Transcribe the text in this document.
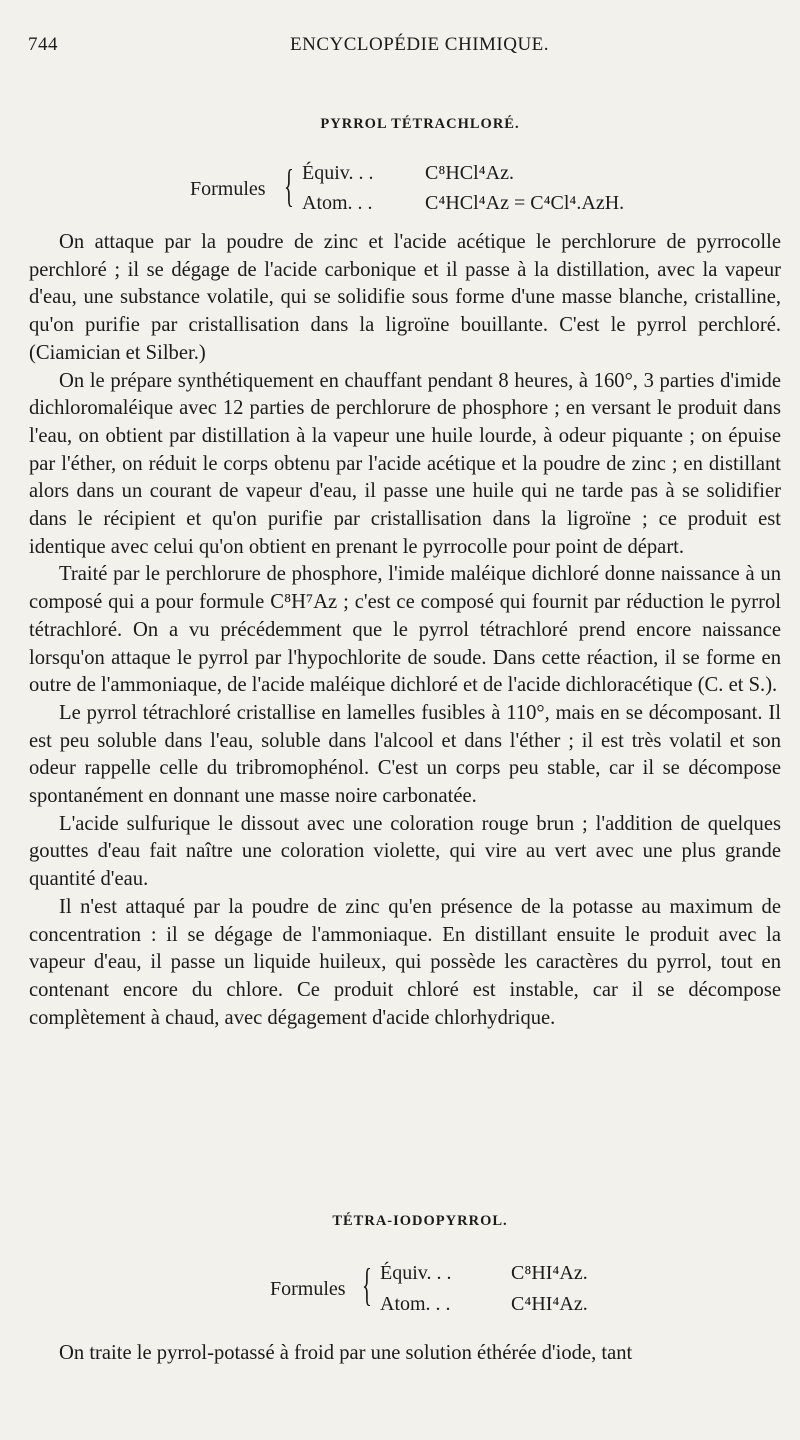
744	ENCYCLOPÉDIE CHIMIQUE.
PYRROL TÉTRACHLORÉ.
Formules { Équiv. . .	C⁸HCl⁴Az.
Atom. . .	C⁴HCl⁴Az = C⁴Cl⁴.AzH.

On attaque par la poudre de zinc et l'acide acétique le perchlorure de pyrrocolle perchloré ; il se dégage de l'acide carbonique et il passe à la distillation, avec la vapeur d'eau, une substance volatile, qui se solidifie sous forme d'une masse blanche, cristalline, qu'on purifie par cristallisation dans la ligroïne bouillante. C'est le pyrrol perchloré. (Ciamician et Silber.)

On le prépare synthétiquement en chauffant pendant 8 heures, à 160°, 3 parties d'imide dichloromaléique avec 12 parties de perchlorure de phosphore ; en versant le produit dans l'eau, on obtient par distillation à la vapeur une huile lourde, à odeur piquante ; on épuise par l'éther, on réduit le corps obtenu par l'acide acétique et la poudre de zinc ; en distillant alors dans un courant de vapeur d'eau, il passe une huile qui ne tarde pas à se solidifier dans le récipient et qu'on purifie par cristallisation dans la ligroïne ; ce produit est identique avec celui qu'on obtient en prenant le pyrrocolle pour point de départ.

Traité par le perchlorure de phosphore, l'imide maléique dichloré donne naissance à un composé qui a pour formule C⁸H⁷Az ; c'est ce composé qui fournit par réduction le pyrrol tétrachloré. On a vu précédemment que le pyrrol tétrachloré prend encore naissance lorsqu'on attaque le pyrrol par l'hypochlorite de soude. Dans cette réaction, il se forme en outre de l'ammoniaque, de l'acide maléique dichloré et de l'acide dichloracétique (C. et S.).

Le pyrrol tétrachloré cristallise en lamelles fusibles à 110°, mais en se décomposant. Il est peu soluble dans l'eau, soluble dans l'alcool et dans l'éther ; il est très volatil et son odeur rappelle celle du tribromophénol. C'est un corps peu stable, car il se décompose spontanément en donnant une masse noire carbonatée.

L'acide sulfurique le dissout avec une coloration rouge brun ; l'addition de quelques gouttes d'eau fait naître une coloration violette, qui vire au vert avec une plus grande quantité d'eau.

Il n'est attaqué par la poudre de zinc qu'en présence de la potasse au maximum de concentration : il se dégage de l'ammoniaque. En distillant ensuite le produit avec la vapeur d'eau, il passe un liquide huileux, qui possède les caractères du pyrrol, tout en contenant encore du chlore. Ce produit chloré est instable, car il se décompose complètement à chaud, avec dégagement d'acide chlorhydrique.

TÉTRA-IODOPYRROL.
Formules { Équiv. . .	C⁸HI⁴Az.
Atom. . .	C⁴HI⁴Az.

On traite le pyrrol-potassé à froid par une solution éthérée d'iode, tant
